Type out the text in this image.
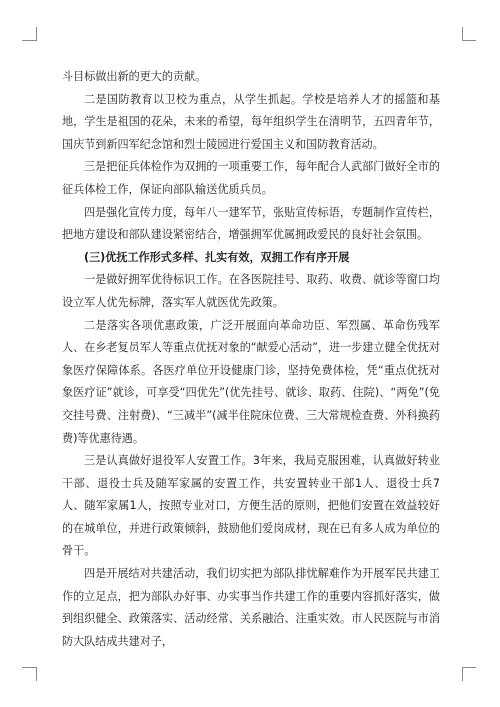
斗目标做出新的更大的贡献。

二是国防教育以卫校为重点，从学生抓起。学校是培养人才的摇篮和基地，学生是祖国的花朵，未来的希望，每年组织学生在清明节，五四青年节，国庆节到新四军纪念馆和烈士陵园进行爱国主义和国防教育活动。

三是把征兵体检作为双拥的一项重要工作，每年配合人武部门做好全市的征兵体检工作，保证向部队输送优质兵员。

四是强化宣传力度，每年八一建军节，张贴宣传标语，专题制作宣传栏，把地方建设和部队建设紧密结合，增强拥军优属拥政爱民的良好社会氛围。

(三)优抚工作形式多样、扎实有效，双拥工作有序开展

一是做好拥军优待标识工作。在各医院挂号、取药、收费、就诊等窗口均设立军人优先标牌，落实军人就医优先政策。

二是落实各项优惠政策，广泛开展面向革命功臣、军烈属、革命伤残军人、在乡老复员军人等重点优抚对象的“献爱心活动”，进一步建立健全优抚对象医疗保障体系。各医疗单位开设健康门诊，坚持免费体检，凭“重点优抚对象医疗证”就诊，可享受“四优先”(优先挂号、就诊、取药、住院)、“两免”(免交挂号费、注射费)、“三减半”(减半住院床位费、三大常规检查费、外科换药费)等优惠待遇。

三是认真做好退役军人安置工作。3年来，我局克服困难，认真做好转业干部、退役士兵及随军家属的安置工作，共安置转业干部1人、退役士兵7人、随军家属1人，按照专业对口，方便生活的原则，把他们安置在效益较好的在城单位，并进行政策倾斜，鼓励他们爱岗成材，现在已有多人成为单位的骨干。

四是开展结对共建活动，我们切实把为部队排忧解难作为开展军民共建工作的立足点，把为部队办好事、办实事当作共建工作的重要内容抓好落实，做到组织健全、政策落实、活动经常、关系融洽、注重实效。市人民医院与市消防大队结成共建对子，
